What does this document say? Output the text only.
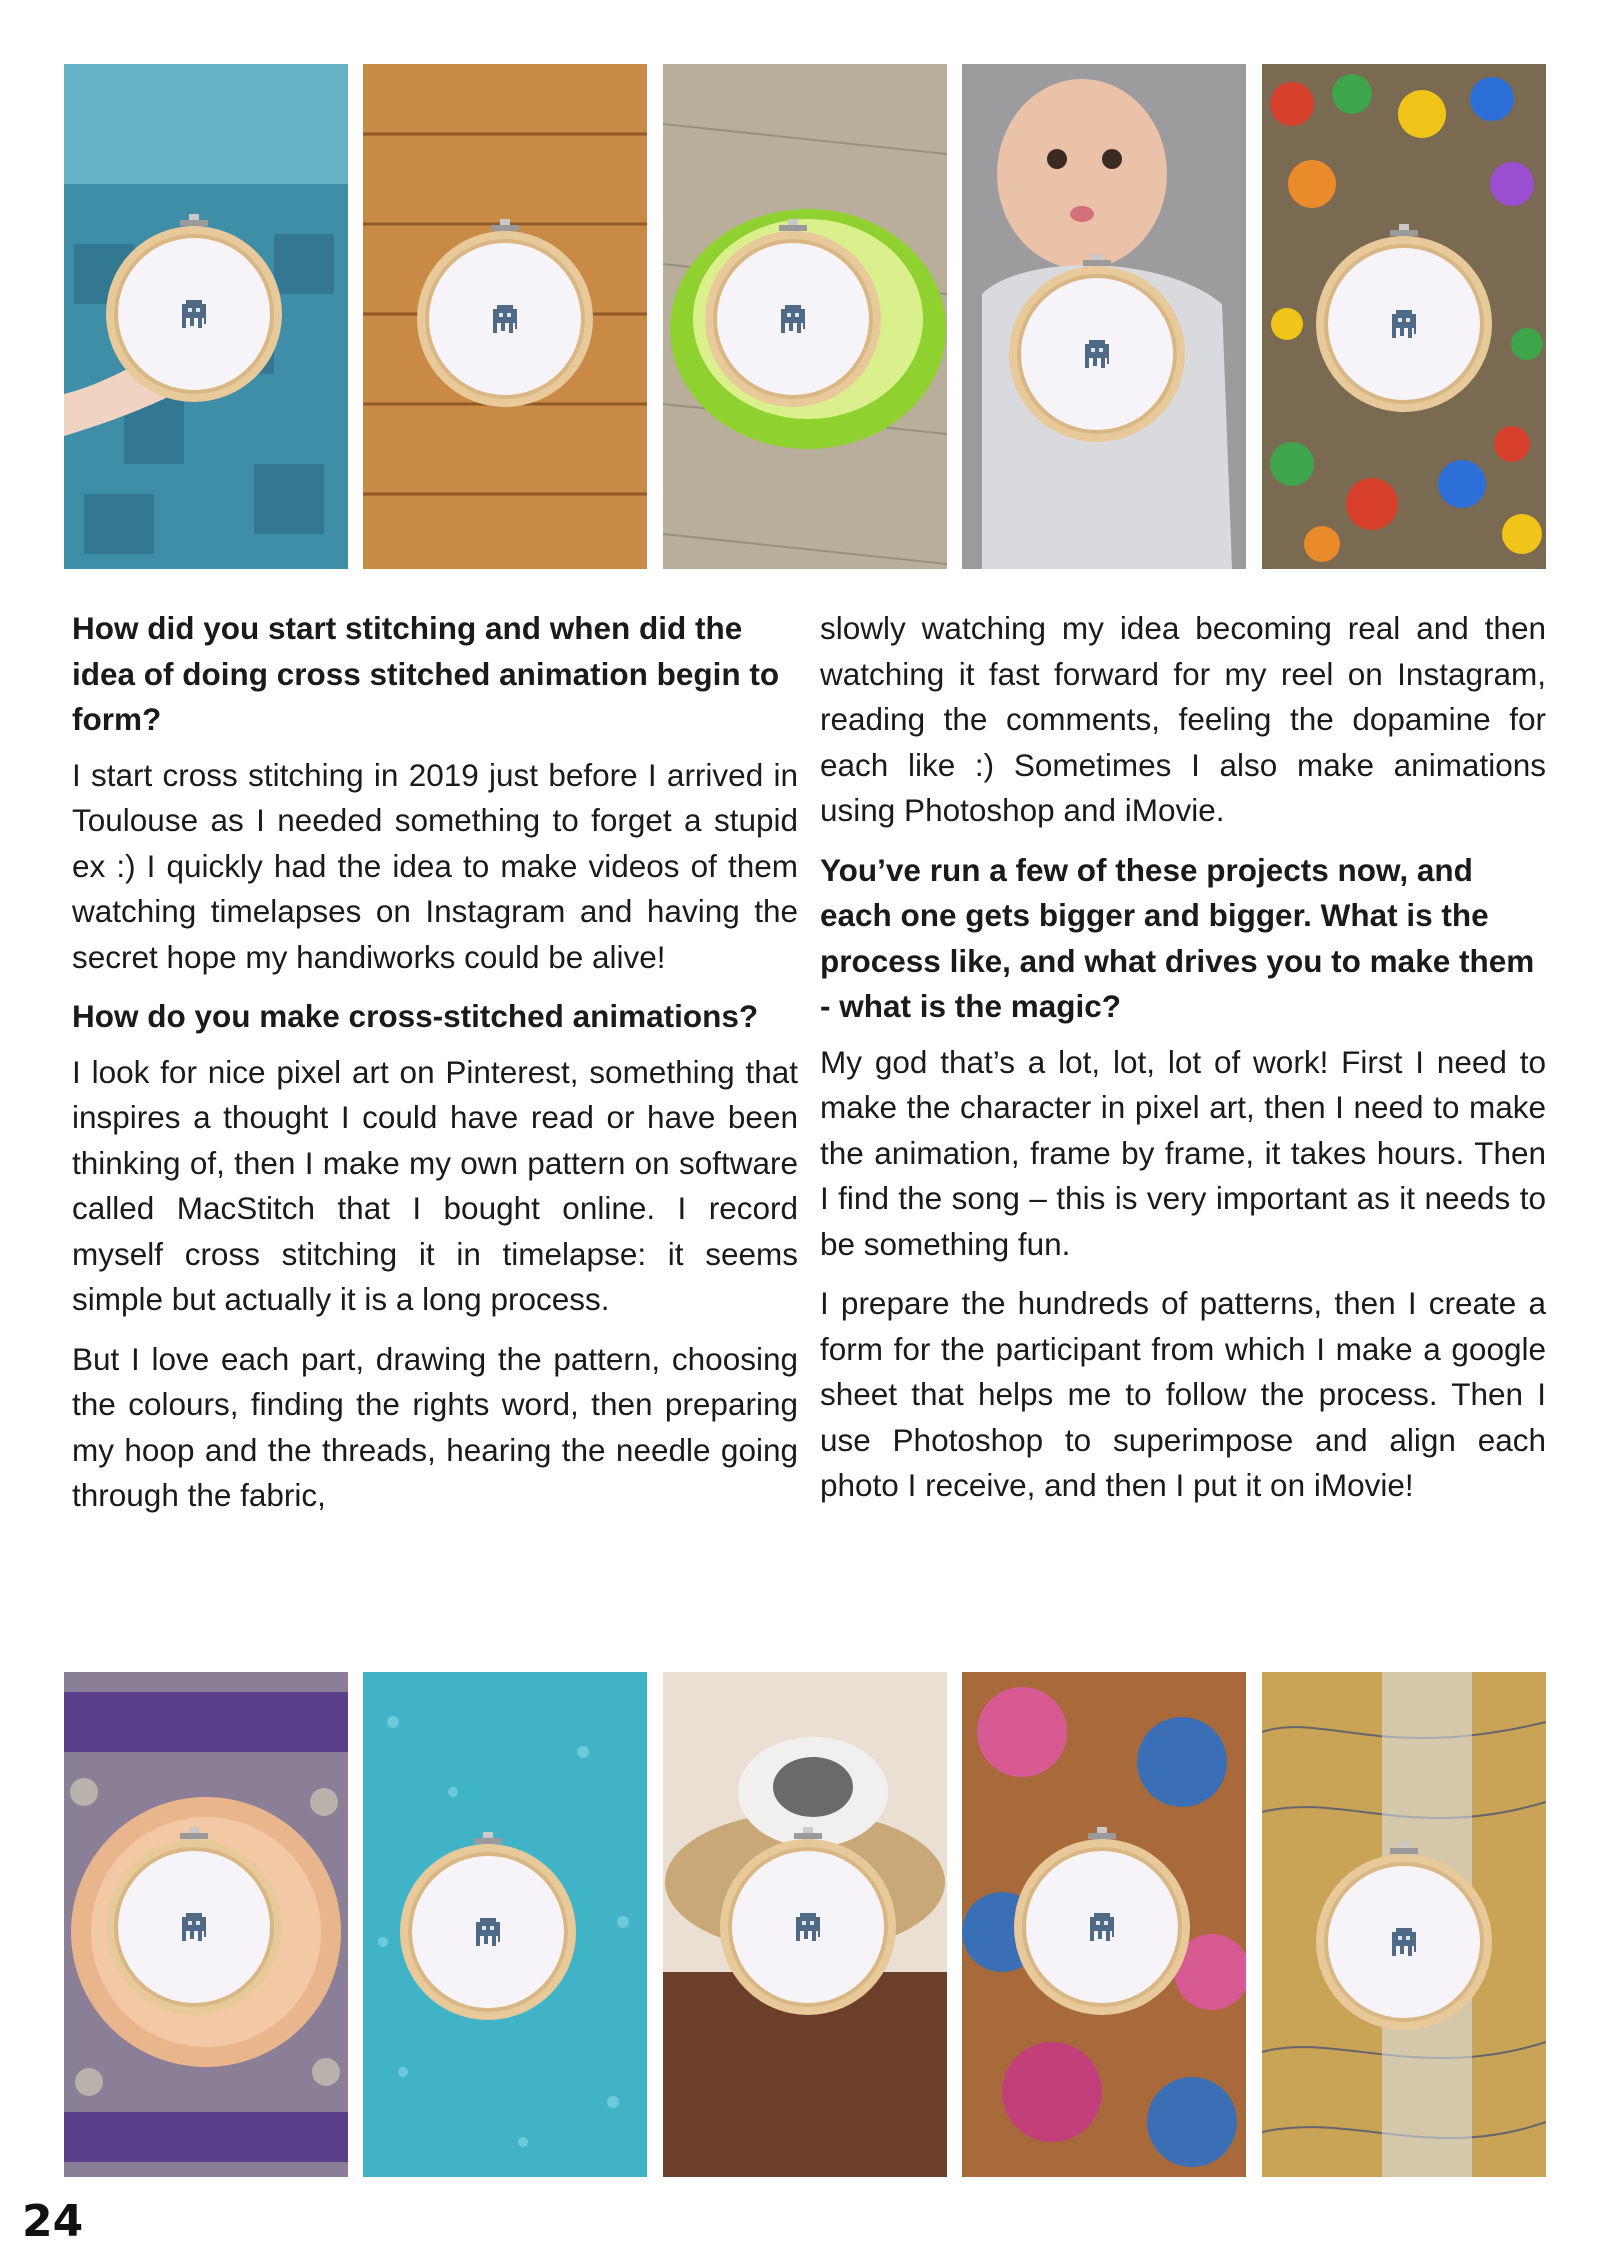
How did you start stitching and when did the idea of doing cross stitched animation begin to form?

I start cross stitching in 2019 just before I arrived in Toulouse as I needed something to forget a stupid ex :) I quickly had the idea to make videos of them watching timelapses on Instagram and having the secret hope my handiworks could be alive!

How do you make cross-stitched animations?

I look for nice pixel art on Pinterest, something that inspires a thought I could have read or have been thinking of, then I make my own pattern on software called MacStitch that I bought online. I record myself cross stitching it in timelapse: it seems simple but actually it is a long process.

But I love each part, drawing the pattern, choosing the colours, finding the rights word, then preparing my hoop and the threads, hearing the needle going through the fabric,

slowly watching my idea becoming real and then watching it fast forward for my reel on Instagram, reading the comments, feeling the dopamine for each like :) Sometimes I also make animations using Photoshop and iMovie.

You’ve run a few of these projects now, and each one gets bigger and bigger. What is the process like, and what drives you to make them - what is the magic?

My god that’s a lot, lot, lot of work! First I need to make the character in pixel art, then I need to make the animation, frame by frame, it takes hours. Then I find the song – this is very important as it needs to be something fun.

I prepare the hundreds of patterns, then I create a form for the participant from which I make a google sheet that helps me to follow the process. Then I use Photoshop to superimpose and align each photo I receive, and then I put it on iMovie!

24
